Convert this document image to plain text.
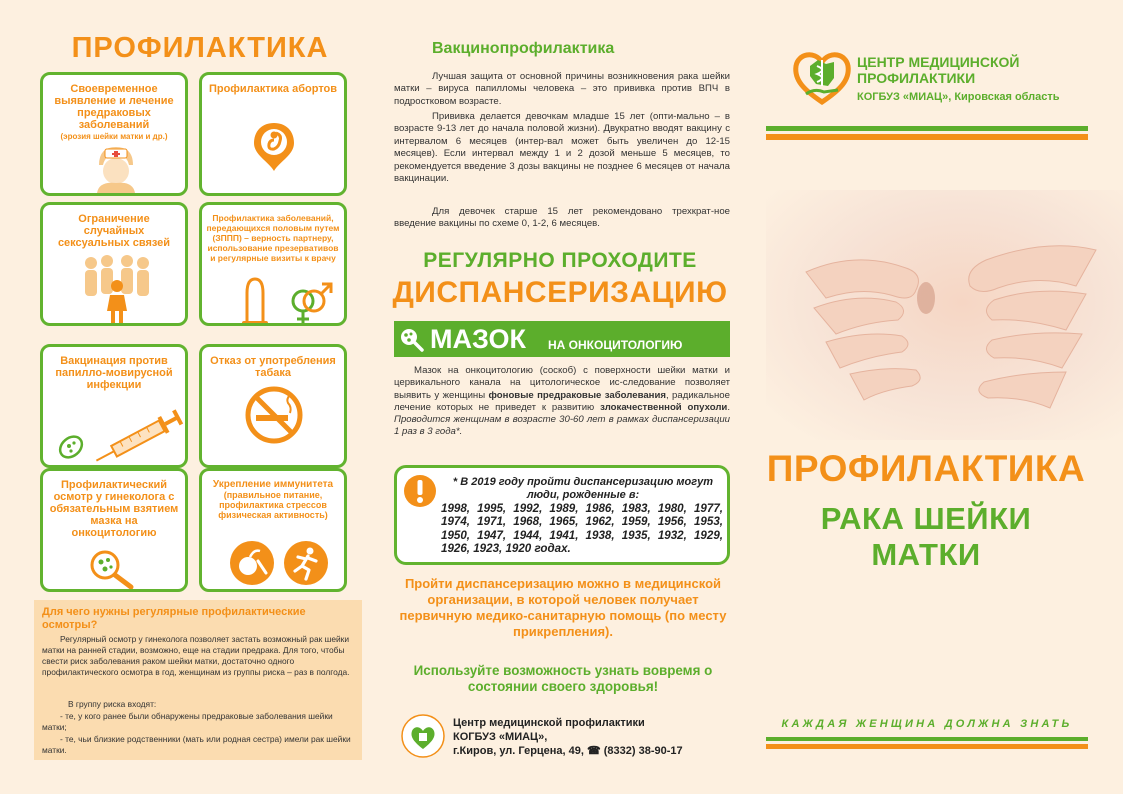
ПРОФИЛАКТИКА
Своевременное выявление и лечение предраковых заболеваний
(эрозия шейки матки и др.)
Профилактика абортов
Ограничение случайных сексуальных связей
Профилактика заболеваний, передающихся половым путем (ЗППП) – верность партнеру, использование презервативов и регулярные визиты к врачу
Вакцинация против папилло-мовирусной инфекции
Отказ от употребления табака
Профилактический осмотр у гинеколога с обязательным взятием мазка на онкоцитологию
Укрепление иммунитета
(правильное питание, профилактика стрессов физическая активность)
Для чего нужны регулярные профилактические осмотры?
Регулярный осмотр у гинеколога позволяет застать возможный рак шейки матки на ранней стадии, возможно, еще на стадии предрака. Для того, чтобы свести риск заболевания раком шейки матки, достаточно одного профилактического осмотра в год, женщинам из группы риска – раз в полгода.
В группу риска входят:
- те, у кого ранее были обнаружены предраковые заболевания шейки матки;
- те, чьи близкие родственники (мать или родная сестра) имели рак шейки матки.
Вакцинопрофилактика
Лучшая защита от основной причины возникновения рака шейки матки – вируса папилломы человека – это прививка против ВПЧ в подростковом возрасте.
Прививка делается девочкам младше 15 лет (опти-мально – в возрасте 9-13 лет до начала половой жизни). Двукратно вводят вакцину с интервалом 6 месяцев (интер-вал может быть увеличен до 12-15 месяцев). Если интервал между 1 и 2 дозой меньше 5 месяцев, то рекомендуется введение 3 дозы вакцины не позднее 6 месяцев от начала вакцинации.
Для девочек старше 15 лет рекомендовано трехкрат-ное введение вакцины по схеме 0, 1-2, 6 месяцев.
РЕГУЛЯРНО ПРОХОДИТЕ
ДИСПАНСЕРИЗАЦИЮ
МАЗОК НА ОНКОЦИТОЛОГИЮ
Мазок на онкоцитологию (соскоб) с поверхности шейки матки и цервикального канала на цитологическое ис-следование позволяет выявить у женщины фоновые предраковые заболевания, радикальное лечение которых не приведет к развитию злокачественной опухоли. Проводится женщинам в возрасте 30-60 лет в рамках диспансеризации 1 раз в 3 года*.
* В 2019 году пройти диспансеризацию могут люди, рожденные в:
1998, 1995, 1992, 1989, 1986, 1983, 1980, 1977, 1974, 1971, 1968, 1965, 1962, 1959, 1956, 1953, 1950, 1947, 1944, 1941, 1938, 1935, 1932, 1929, 1926, 1923, 1920 годах.
Пройти диспансеризацию можно в медицинской организации, в которой человек получает первичную медико-санитарную помощь (по месту прикрепления).
Используйте возможность узнать вовремя о состоянии своего здоровья!
Центр медицинской профилактики
КОГБУЗ «МИАЦ»,
г.Киров, ул. Герцена, 49, ☎ (8332) 38-90-17
ЦЕНТР МЕДИЦИНСКОЙ
ПРОФИЛАКТИКИ
КОГБУЗ «МИАЦ», Кировская область
ПРОФИЛАКТИКА
РАКА ШЕЙКИ МАТКИ
КАЖДАЯ ЖЕНЩИНА ДОЛЖНА ЗНАТЬ
